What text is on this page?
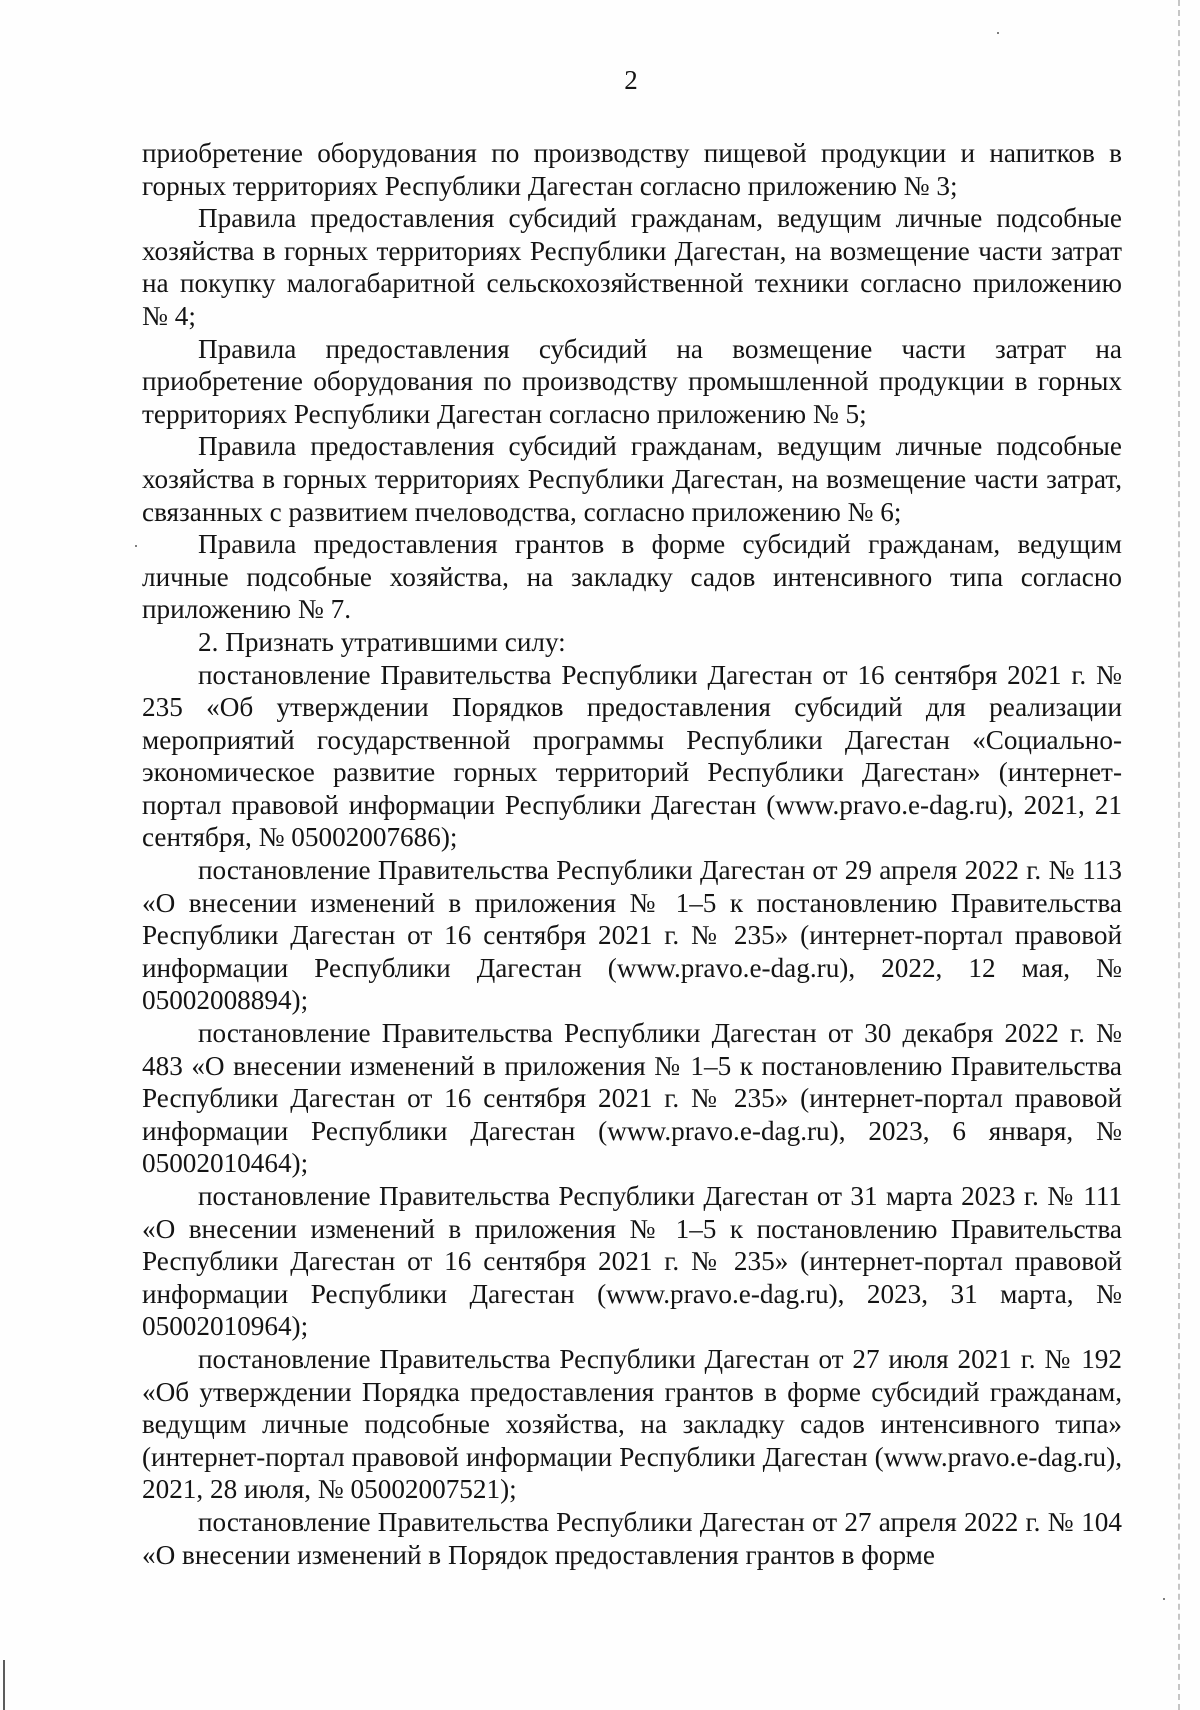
2

приобретение оборудования по производству пищевой продукции и напитков в горных территориях Республики Дагестан согласно приложению № 3;

Правила предоставления субсидий гражданам, ведущим личные подсобные хозяйства в горных территориях Республики Дагестан, на возмещение части затрат на покупку малогабаритной сельскохозяйственной техники согласно приложению № 4;

Правила предоставления субсидий на возмещение части затрат на приобретение оборудования по производству промышленной продукции в горных территориях Республики Дагестан согласно приложению № 5;

Правила предоставления субсидий гражданам, ведущим личные подсобные хозяйства в горных территориях Республики Дагестан, на возмещение части затрат, связанных с развитием пчеловодства, согласно приложению № 6;

Правила предоставления грантов в форме субсидий гражданам, ведущим личные подсобные хозяйства, на закладку садов интенсивного типа согласно приложению № 7.

2. Признать утратившими силу:

постановление Правительства Республики Дагестан от 16 сентября 2021 г. № 235 «Об утверждении Порядков предоставления субсидий для реализации мероприятий государственной программы Республики Дагестан «Социально-экономическое развитие горных территорий Республики Дагестан» (интернет-портал правовой информации Республики Дагестан (www.pravo.e-dag.ru), 2021, 21 сентября, № 05002007686);

постановление Правительства Республики Дагестан от 29 апреля 2022 г. № 113 «О внесении изменений в приложения № 1–5 к постановлению Правительства Республики Дагестан от 16 сентября 2021 г. № 235» (интернет-портал правовой информации Республики Дагестан (www.pravo.e-dag.ru), 2022, 12 мая, № 05002008894);

постановление Правительства Республики Дагестан от 30 декабря 2022 г. № 483 «О внесении изменений в приложения № 1–5 к постановлению Правительства Республики Дагестан от 16 сентября 2021 г. № 235» (интернет-портал правовой информации Республики Дагестан (www.pravo.e-dag.ru), 2023, 6 января, № 05002010464);

постановление Правительства Республики Дагестан от 31 марта 2023 г. № 111 «О внесении изменений в приложения № 1–5 к постановлению Правительства Республики Дагестан от 16 сентября 2021 г. № 235» (интернет-портал правовой информации Республики Дагестан (www.pravo.e-dag.ru), 2023, 31 марта, № 05002010964);

постановление Правительства Республики Дагестан от 27 июля 2021 г. № 192 «Об утверждении Порядка предоставления грантов в форме субсидий гражданам, ведущим личные подсобные хозяйства, на закладку садов интенсивного типа» (интернет-портал правовой информации Республики Дагестан (www.pravo.e-dag.ru), 2021, 28 июля, № 05002007521);

постановление Правительства Республики Дагестан от 27 апреля 2022 г. № 104 «О внесении изменений в Порядок предоставления грантов в форме
